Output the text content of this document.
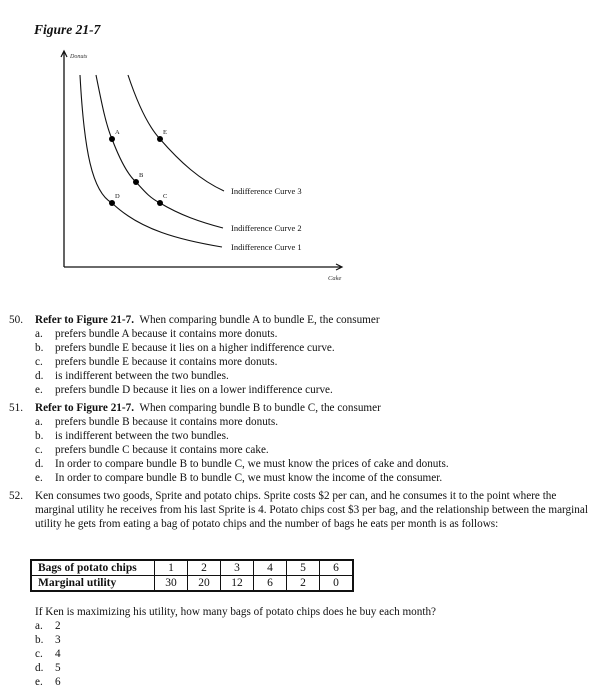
Figure 21-7
Donuts
Cake
Indifference Curve 3
Indifference Curve 2
Indifference Curve 1
A
B
C
D
E
50. Refer to Figure 21-7. When comparing bundle A to bundle E, the consumer
a. prefers bundle A because it contains more donuts.
b. prefers bundle E because it lies on a higher indifference curve.
c. prefers bundle E because it contains more donuts.
d. is indifferent between the two bundles.
e. prefers bundle D because it lies on a lower indifference curve.
51. Refer to Figure 21-7. When comparing bundle B to bundle C, the consumer
a. prefers bundle B because it contains more donuts.
b. is indifferent between the two bundles.
c. prefers bundle C because it contains more cake.
d. In order to compare bundle B to bundle C, we must know the prices of cake and donuts.
e. In order to compare bundle B to bundle C, we must know the income of the consumer.
52.	Ken consumes two goods, Sprite and potato chips. Sprite costs $2 per can, and he consumes it to the point where the marginal utility he receives from his last Sprite is 4. Potato chips cost $3 per bag, and the relationship between the marginal utility he gets from eating a bag of potato chips and the number of bags he eats per month is as follows:
Bags of potato chips	1	2	3	4	5	6
Marginal utility	30	20	12	6	2	0
If Ken is maximizing his utility, how many bags of potato chips does he buy each month?
a. 2
b. 3
c. 4
d. 5
e. 6
